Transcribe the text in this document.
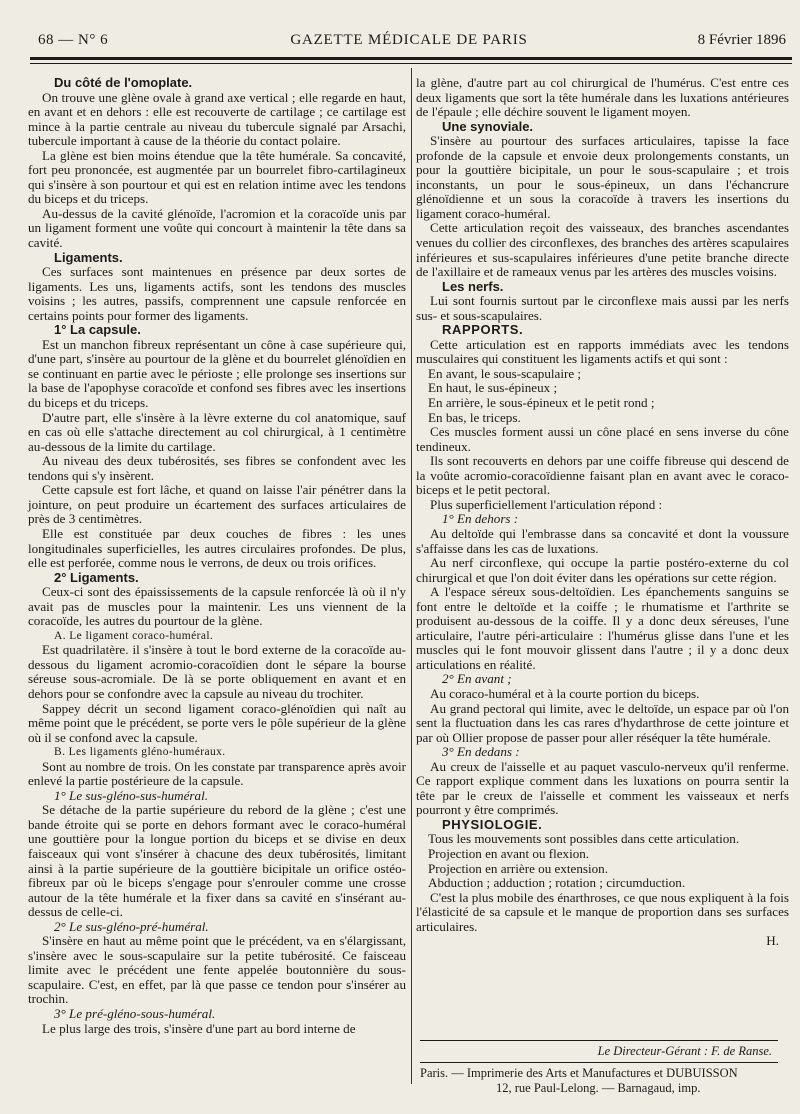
68 — N° 6	GAZETTE MÉDICALE DE PARIS	8 Février 1896

Du côté de l'omoplate.

On trouve une glène ovale à grand axe vertical ; elle regarde en haut, en avant et en dehors : elle est recouverte de cartilage ; ce cartilage est mince à la partie centrale au niveau du tubercule signalé par Arsachi, tubercule important à cause de la théorie du contact polaire.

La glène est bien moins étendue que la tête humérale. Sa concavité, fort peu prononcée, est augmentée par un bourrelet fibro-cartilagineux qui s'insère à son pourtour et qui est en relation intime avec les tendons du biceps et du triceps.

Au-dessus de la cavité glénoïde, l'acromion et la coracoïde unis par un ligament forment une voûte qui concourt à maintenir la tête dans sa cavité.

Ligaments.

Ces surfaces sont maintenues en présence par deux sortes de ligaments. Les uns, ligaments actifs, sont les tendons des muscles voisins ; les autres, passifs, comprennent une capsule renforcée en certains points pour former des ligaments.

1° La capsule.

Est un manchon fibreux représentant un cône à case supérieure qui, d'une part, s'insère au pourtour de la glène et du bourrelet glénoïdien en se continuant en partie avec le périoste ; elle prolonge ses insertions sur la base de l'apophyse coracoïde et confond ses fibres avec les insertions du biceps et du triceps.

D'autre part, elle s'insère à la lèvre externe du col anatomique, sauf en cas où elle s'attache directement au col chirurgical, à 1 centimètre au-dessous de la limite du cartilage.

Au niveau des deux tubérosités, ses fibres se confondent avec les tendons qui s'y insèrent.

Cette capsule est fort lâche, et quand on laisse l'air pénétrer dans la jointure, on peut produire un écartement des surfaces articulaires de près de 3 centimètres.

Elle est constituée par deux couches de fibres : les unes longitudinales superficielles, les autres circulaires profondes. De plus, elle est perforée, comme nous le verrons, de deux ou trois orifices.

2° Ligaments.

Ceux-ci sont des épaississements de la capsule renforcée là où il n'y avait pas de muscles pour la maintenir. Les uns viennent de la coracoïde, les autres du pourtour de la glène.

A. Le ligament coraco-huméral.

Est quadrilatère. il s'insère à tout le bord externe de la coracoïde au-dessous du ligament acromio-coracoïdien dont le sépare la bourse séreuse sous-acromiale. De là se porte obliquement en avant et en dehors pour se confondre avec la capsule au niveau du trochiter.

Sappey décrit un second ligament coraco-glénoïdien qui naît au même point que le précédent, se porte vers le pôle supérieur de la glène où il se confond avec la capsule.

B. Les ligaments gléno-huméraux.

Sont au nombre de trois. On les constate par transparence après avoir enlevé la partie postérieure de la capsule.

1° Le sus-gléno-sus-huméral.

Se détache de la partie supérieure du rebord de la glène ; c'est une bande étroite qui se porte en dehors formant avec le coraco-huméral une gouttière pour la longue portion du biceps et se divise en deux faisceaux qui vont s'insérer à chacune des deux tubérosités, limitant ainsi à la partie supérieure de la gouttière bicipitale un orifice ostéo-fibreux par où le biceps s'engage pour s'enrouler comme une crosse autour de la tête humérale et la fixer dans sa cavité en s'insérant au-dessus de celle-ci.

2° Le sus-gléno-pré-huméral.

S'insère en haut au même point que le précédent, va en s'élargissant, s'insère avec le sous-scapulaire sur la petite tubérosité. Ce faisceau limite avec le précédent une fente appelée boutonnière du sous-scapulaire. C'est, en effet, par là que passe ce tendon pour s'insérer au trochin.

3° Le pré-gléno-sous-huméral.

Le plus large des trois, s'insère d'une part au bord interne de

la glène, d'autre part au col chirurgical de l'humérus. C'est entre ces deux ligaments que sort la tête humérale dans les luxations antérieures de l'épaule ; elle déchire souvent le ligament moyen.

Une synoviale.

S'insère au pourtour des surfaces articulaires, tapisse la face profonde de la capsule et envoie deux prolongements constants, un pour la gouttière bicipitale, un pour le sous-scapulaire ; et trois inconstants, un pour le sous-épineux, un dans l'échancrure glénoïdienne et un sous la coracoïde à travers les insertions du ligament coraco-huméral.

Cette articulation reçoit des vaisseaux, des branches ascendantes venues du collier des circonflexes, des branches des artères scapulaires inférieures et sus-scapulaires inférieures d'une petite branche directe de l'axillaire et de rameaux venus par les artères des muscles voisins.

Les nerfs.

Lui sont fournis surtout par le circonflexe mais aussi par les nerfs sus- et sous-scapulaires.

RAPPORTS.

Cette articulation est en rapports immédiats avec les tendons musculaires qui constituent les ligaments actifs et qui sont :

En avant, le sous-scapulaire ;

En haut, le sus-épineux ;

En arrière, le sous-épineux et le petit rond ;

En bas, le triceps.

Ces muscles forment aussi un cône placé en sens inverse du cône tendineux.

Ils sont recouverts en dehors par une coiffe fibreuse qui descend de la voûte acromio-coracoïdienne faisant plan en avant avec le coraco-biceps et le petit pectoral.

Plus superficiellement l'articulation répond :

1° En dehors :

Au deltoïde qui l'embrasse dans sa concavité et dont la voussure s'affaisse dans les cas de luxations.

Au nerf circonflexe, qui occupe la partie postéro-externe du col chirurgical et que l'on doit éviter dans les opérations sur cette région.

A l'espace séreux sous-deltoïdien. Les épanchements sanguins se font entre le deltoïde et la coiffe ; le rhumatisme et l'arthrite se produisent au-dessous de la coiffe. Il y a donc deux séreuses, l'une articulaire, l'autre péri-articulaire : l'humérus glisse dans l'une et les muscles qui le font mouvoir glissent dans l'autre ; il y a donc deux articulations en réalité.

2° En avant ;

Au coraco-huméral et à la courte portion du biceps.

Au grand pectoral qui limite, avec le deltoïde, un espace par où l'on sent la fluctuation dans les cas rares d'hydarthrose de cette jointure et par où Ollier propose de passer pour aller réséquer la tête humérale.

3° En dedans :

Au creux de l'aisselle et au paquet vasculo-nerveux qu'il renferme. Ce rapport explique comment dans les luxations on pourra sentir la tête par le creux de l'aisselle et comment les vaisseaux et nerfs pourront y être comprimés.

PHYSIOLOGIE.

Tous les mouvements sont possibles dans cette articulation.

Projection en avant ou flexion.

Projection en arrière ou extension.

Abduction ; adduction ; rotation ; circumduction.

C'est la plus mobile des énarthroses, ce que nous expliquent à la fois l'élasticité de sa capsule et le manque de proportion dans ses surfaces articulaires.

H.

Le Directeur-Gérant : F. de Ranse.
Paris. — Imprimerie des Arts et Manufactures et DUBUISSON
12, rue Paul-Lelong. — Barnagaud, imp.
